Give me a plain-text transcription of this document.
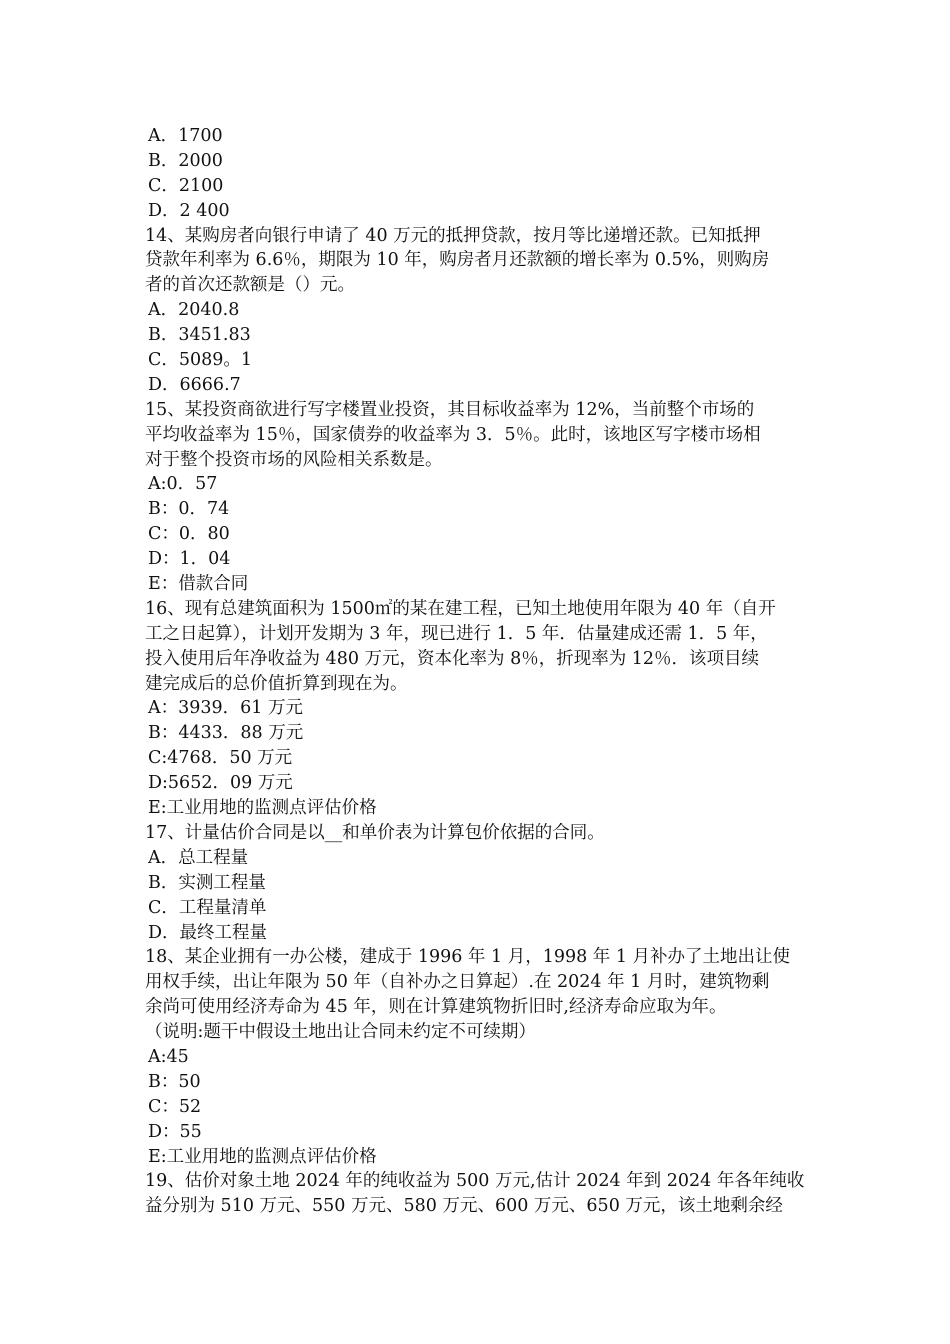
A．1700
B．2000
C．2100
D．2 400
14、某购房者向银行申请了 40 万元的抵押贷款，按月等比递增还款。已知抵押
贷款年利率为 6.6％，期限为 10 年，购房者月还款额的增长率为 0.5%，则购房
者的首次还款额是（）元。
A．2040.8
B．3451.83
C．5089。1
D．6666.7
15、某投资商欲进行写字楼置业投资，其目标收益率为 12%，当前整个市场的
平均收益率为 15％，国家债券的收益率为 3．5％。此时，该地区写字楼市场相
对于整个投资市场的风险相关系数是。
A:0．57
B：0．74
C：0．80
D：1．04
E：借款合同
16、现有总建筑面积为 1500㎡的某在建工程，已知土地使用年限为 40 年（自开
工之日起算），计划开发期为 3 年，现已进行 1．5 年．估量建成还需 1．5 年，
投入使用后年净收益为 480 万元，资本化率为 8％，折现率为 12％．该项目续
建完成后的总价值折算到现在为。
A：3939．61 万元
B：4433．88 万元
C:4768．50 万元
D:5652．09 万元
E:工业用地的监测点评估价格
17、计量估价合同是以__和单价表为计算包价依据的合同。
A．总工程量
B．实测工程量
C．工程量清单
D．最终工程量
18、某企业拥有一办公楼，建成于 1996 年 1 月，1998 年 1 月补办了土地出让使
用权手续，出让年限为 50 年（自补办之日算起）.在 2024 年 1 月时，建筑物剩
余尚可使用经济寿命为 45 年，则在计算建筑物折旧时,经济寿命应取为年。
（说明:题干中假设土地出让合同未约定不可续期）
A:45
B：50
C：52
D：55
E:工业用地的监测点评估价格
19、估价对象土地 2024 年的纯收益为 500 万元,估计 2024 年到 2024 年各年纯收
益分别为 510 万元、550 万元、580 万元、600 万元、650 万元，该土地剩余经
